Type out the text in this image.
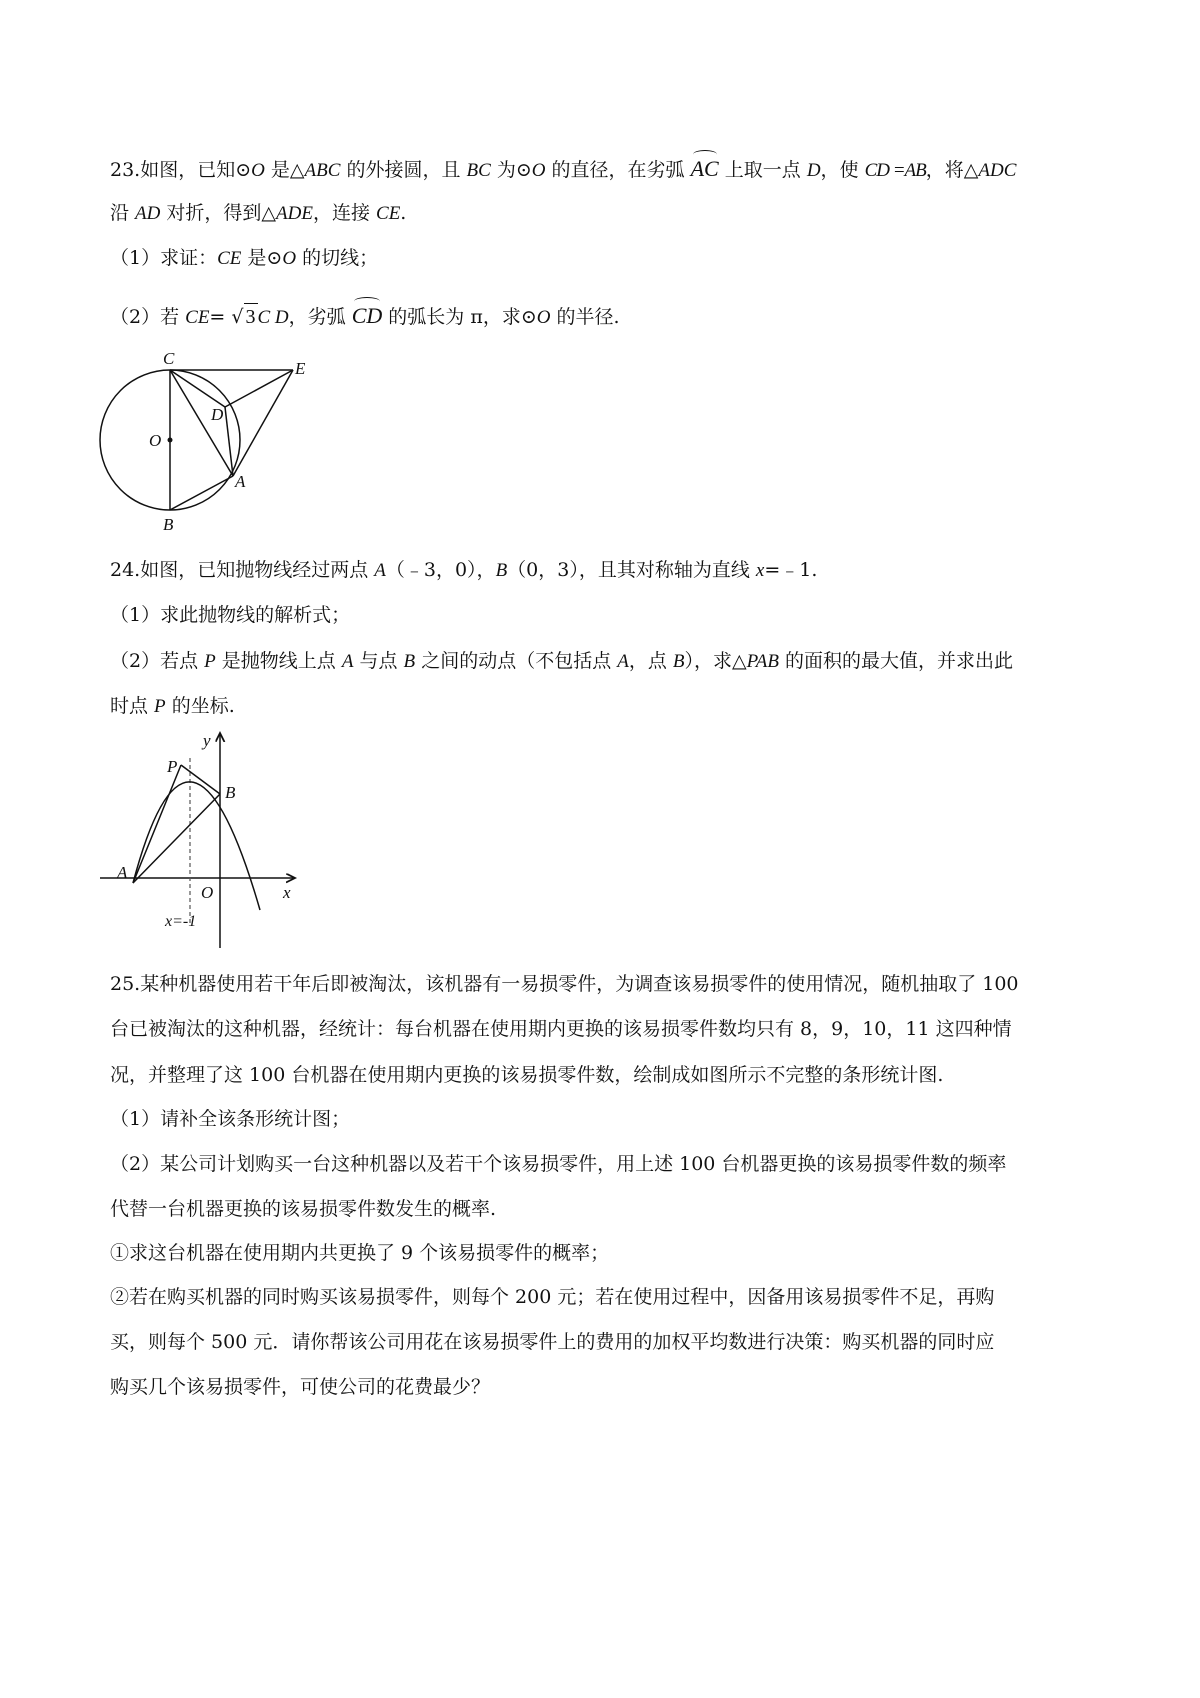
23.如图，已知⊙O 是△ABC 的外接圆，且 BC 为⊙O 的直径，在劣弧 AC 上取一点 D，使 CD =AB，将△ADC
沿 AD 对折，得到△ADE，连接 CE.
（1）求证：CE 是⊙O 的切线；
（2）若 CE= √ 3 C D，劣弧 CD 的弧长为 π，求⊙O 的半径.
C
E
D
O
A
B
24.如图，已知抛物线经过两点 A（﹣3，0），B（0，3），且其对称轴为直线 x=﹣1.
（1）求此抛物线的解析式；
（2）若点 P 是抛物线上点 A 与点 B 之间的动点（不包括点 A，点 B），求△PAB 的面积的最大值，并求出此
时点 P 的坐标.
y
P
B
A
O	x
x=-1
25.某种机器使用若干年后即被淘汰，该机器有一易损零件，为调查该易损零件的使用情况，随机抽取了 100
台已被淘汰的这种机器，经统计：每台机器在使用期内更换的该易损零件数均只有 8，9，10，11 这四种情
况，并整理了这 100 台机器在使用期内更换的该易损零件数，绘制成如图所示不完整的条形统计图.
（1）请补全该条形统计图；
（2）某公司计划购买一台这种机器以及若干个该易损零件，用上述 100 台机器更换的该易损零件数的频率
代替一台机器更换的该易损零件数发生的概率.
①求这台机器在使用期内共更换了 9 个该易损零件的概率；
②若在购买机器的同时购买该易损零件，则每个 200 元；若在使用过程中，因备用该易损零件不足，再购
买，则每个 500 元．请你帮该公司用花在该易损零件上的费用的加权平均数进行决策：购买机器的同时应
购买几个该易损零件，可使公司的花费最少？
